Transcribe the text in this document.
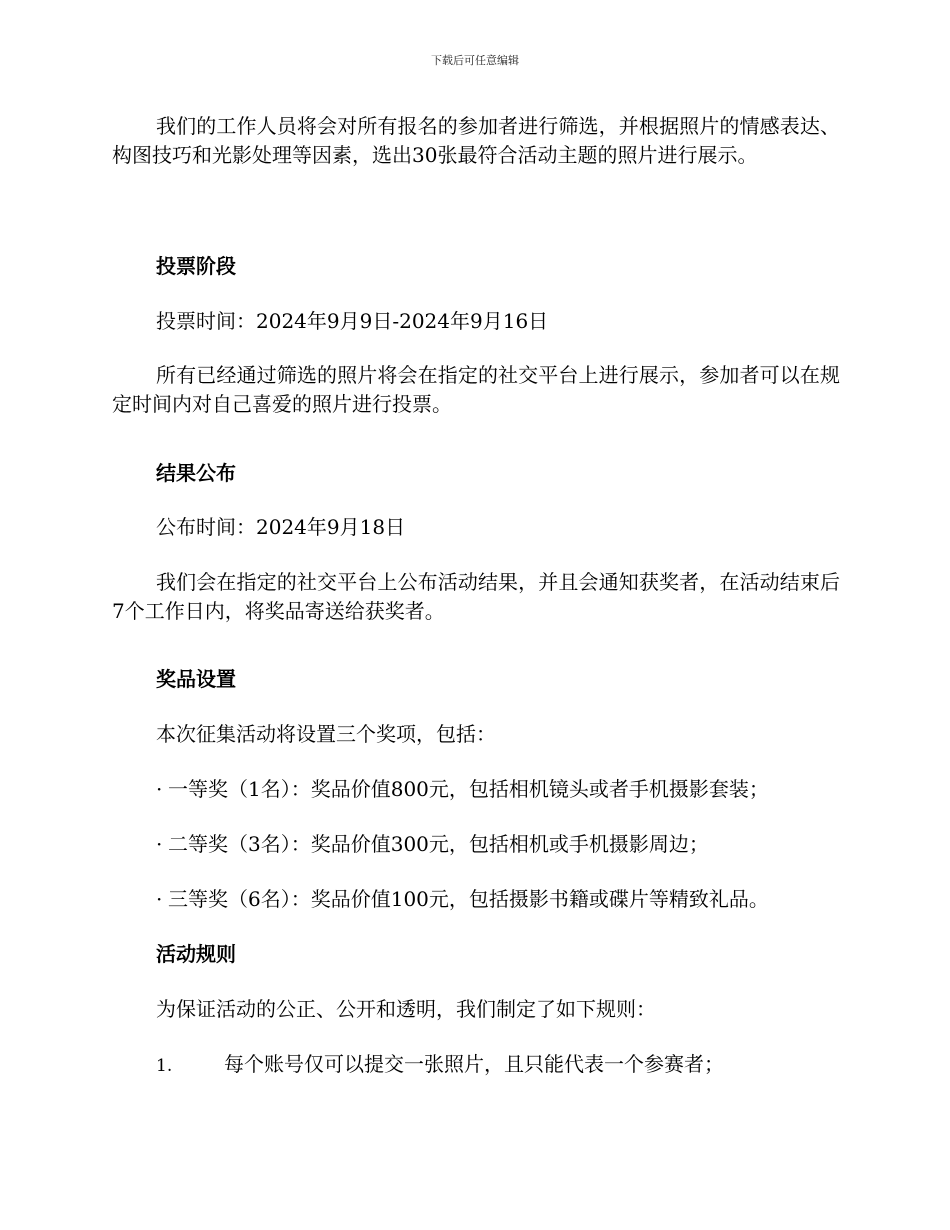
下载后可任意编辑

我们的工作人员将会对所有报名的参加者进行筛选，并根据照片的情感表达、构图技巧和光影处理等因素，选出30张最符合活动主题的照片进行展示。

投票阶段

投票时间：2024年9月9日-2024年9月16日

所有已经通过筛选的照片将会在指定的社交平台上进行展示，参加者可以在规定时间内对自己喜爱的照片进行投票。

结果公布

公布时间：2024年9月18日

我们会在指定的社交平台上公布活动结果，并且会通知获奖者，在活动结束后7个工作日内，将奖品寄送给获奖者。

奖品设置

本次征集活动将设置三个奖项，包括：

· 一等奖（1名）：奖品价值800元，包括相机镜头或者手机摄影套装；

· 二等奖（3名）：奖品价值300元，包括相机或手机摄影周边；

· 三等奖（6名）：奖品价值100元，包括摄影书籍或碟片等精致礼品。

活动规则

为保证活动的公正、公开和透明，我们制定了如下规则：

1.	每个账号仅可以提交一张照片，且只能代表一个参赛者；
